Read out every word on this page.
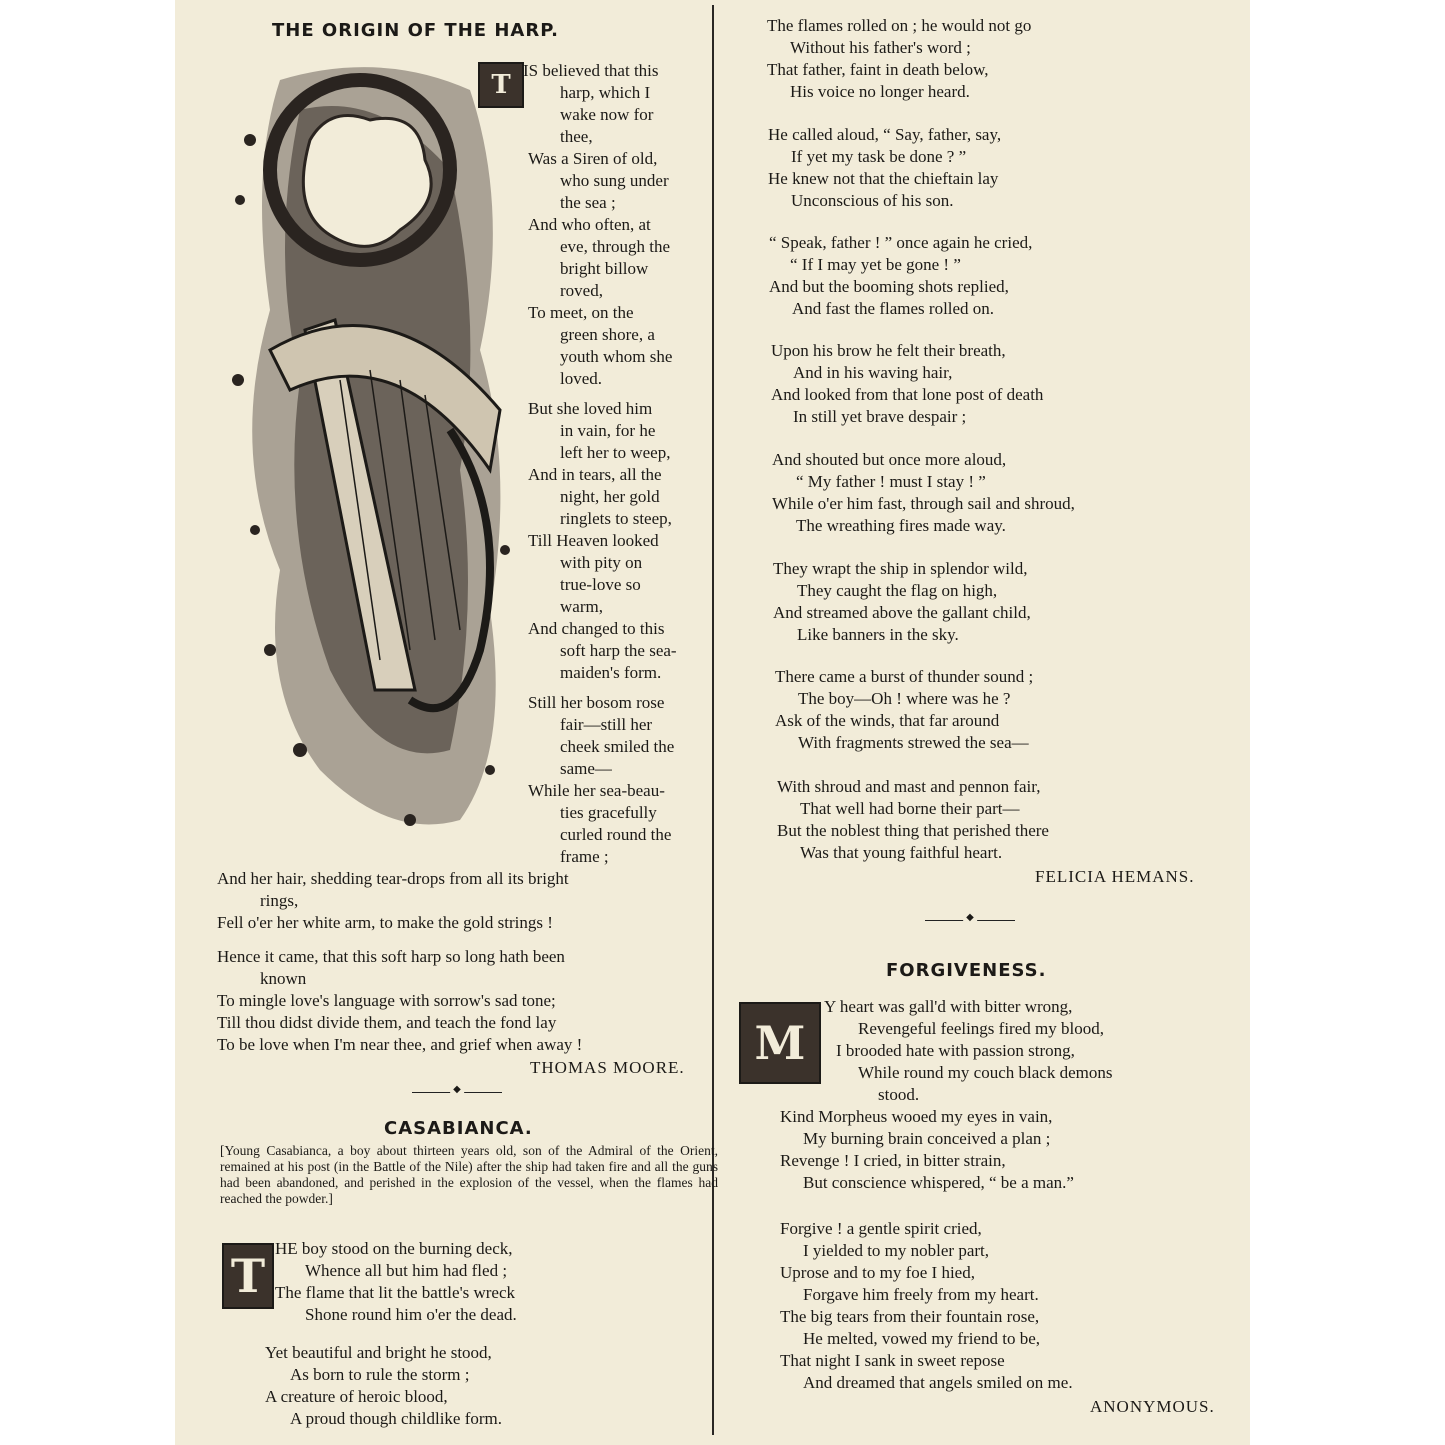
THE ORIGIN OF THE HARP.
T IS believed that this
harp, which I
wake now for
thee,
Was a Siren of old,
who sung under
the sea ;
And who often, at
eve, through the
bright billow
roved,
To meet, on the
green shore, a
youth whom she
loved.
But she loved him
in vain, for he
left her to weep,
And in tears, all the
night, her gold
ringlets to steep,
Till Heaven looked
with pity on
true-love so
warm,
And changed to this
soft harp the sea-
maiden's form.
Still her bosom rose
fair—still her
cheek smiled the
same—
While her sea-beau-
ties gracefully
curled round the
frame ;
And her hair, shedding tear-drops from all its bright
rings,
Fell o'er her white arm, to make the gold strings !
Hence it came, that this soft harp so long hath been
known
To mingle love's language with sorrow's sad tone;
Till thou didst divide them, and teach the fond lay
To be love when I'm near thee, and grief when away !
THOMAS MOORE.
◆
CASABIANCA.
[Young Casabianca, a boy about thirteen years old, son of the Admiral of the Orient, remained at his post (in the Battle of the Nile) after the ship had taken fire and all the guns had been abandoned, and perished in the explosion of the vessel, when the flames had reached the powder.]
T
HE boy stood on the burning deck,
Whence all but him had fled ;
The flame that lit the battle's wreck
Shone round him o'er the dead.
Yet beautiful and bright he stood,
As born to rule the storm ;
A creature of heroic blood,
A proud though childlike form.
The flames rolled on ; he would not go
Without his father's word ;
That father, faint in death below,
His voice no longer heard.
He called aloud, “ Say, father, say,
If yet my task be done ? ”
He knew not that the chieftain lay
Unconscious of his son.
“ Speak, father ! ” once again he cried,
“ If I may yet be gone ! ”
And but the booming shots replied,
And fast the flames rolled on.
Upon his brow he felt their breath,
And in his waving hair,
And looked from that lone post of death
In still yet brave despair ;
And shouted but once more aloud,
“ My father ! must I stay ! ”
While o'er him fast, through sail and shroud,
The wreathing fires made way.
They wrapt the ship in splendor wild,
They caught the flag on high,
And streamed above the gallant child,
Like banners in the sky.
There came a burst of thunder sound ;
The boy—Oh ! where was he ?
Ask of the winds, that far around
With fragments strewed the sea—
With shroud and mast and pennon fair,
That well had borne their part—
But the noblest thing that perished there
Was that young faithful heart.
FELICIA HEMANS.
◆
FORGIVENESS.
M
Y heart was gall'd with bitter wrong,
Revengeful feelings fired my blood,
I brooded hate with passion strong,
While round my couch black demons
stood.
Kind Morpheus wooed my eyes in vain,
My burning brain conceived a plan ;
Revenge ! I cried, in bitter strain,
But conscience whispered, “ be a man.”
Forgive ! a gentle spirit cried,
I yielded to my nobler part,
Uprose and to my foe I hied,
Forgave him freely from my heart.
The big tears from their fountain rose,
He melted, vowed my friend to be,
That night I sank in sweet repose
And dreamed that angels smiled on me.
ANONYMOUS.
